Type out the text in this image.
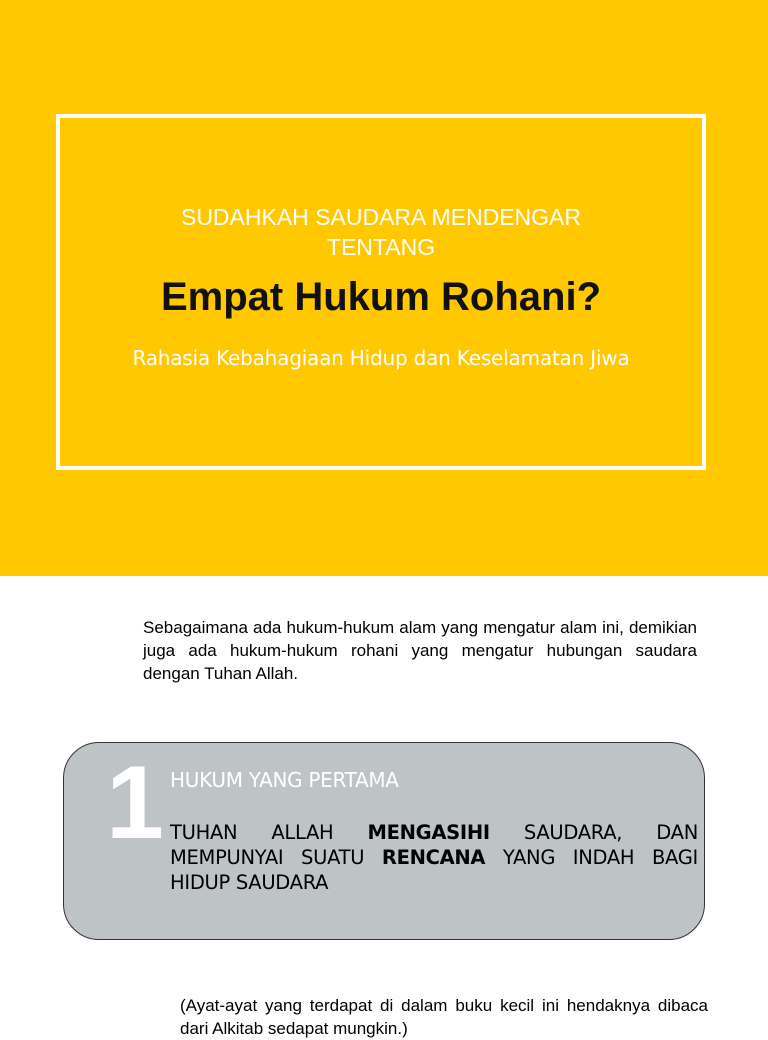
SUDAHKAH SAUDARA MENDENGAR
TENTANG
Empat Hukum Rohani?
Rahasia Kebahagiaan Hidup dan Keselamatan Jiwa

Sebagaimana ada hukum-hukum alam yang mengatur alam ini, demikian juga ada hukum-hukum rohani yang mengatur hubungan saudara dengan Tuhan Allah.

1 HUKUM YANG PERTAMA
TUHAN ALLAH MENGASIHI SAUDARA, DAN MEMPUNYAI SUATU RENCANA YANG INDAH BAGI HIDUP SAUDARA

(Ayat-ayat yang terdapat di dalam buku kecil ini hendaknya dibaca dari Alkitab sedapat mungkin.)
